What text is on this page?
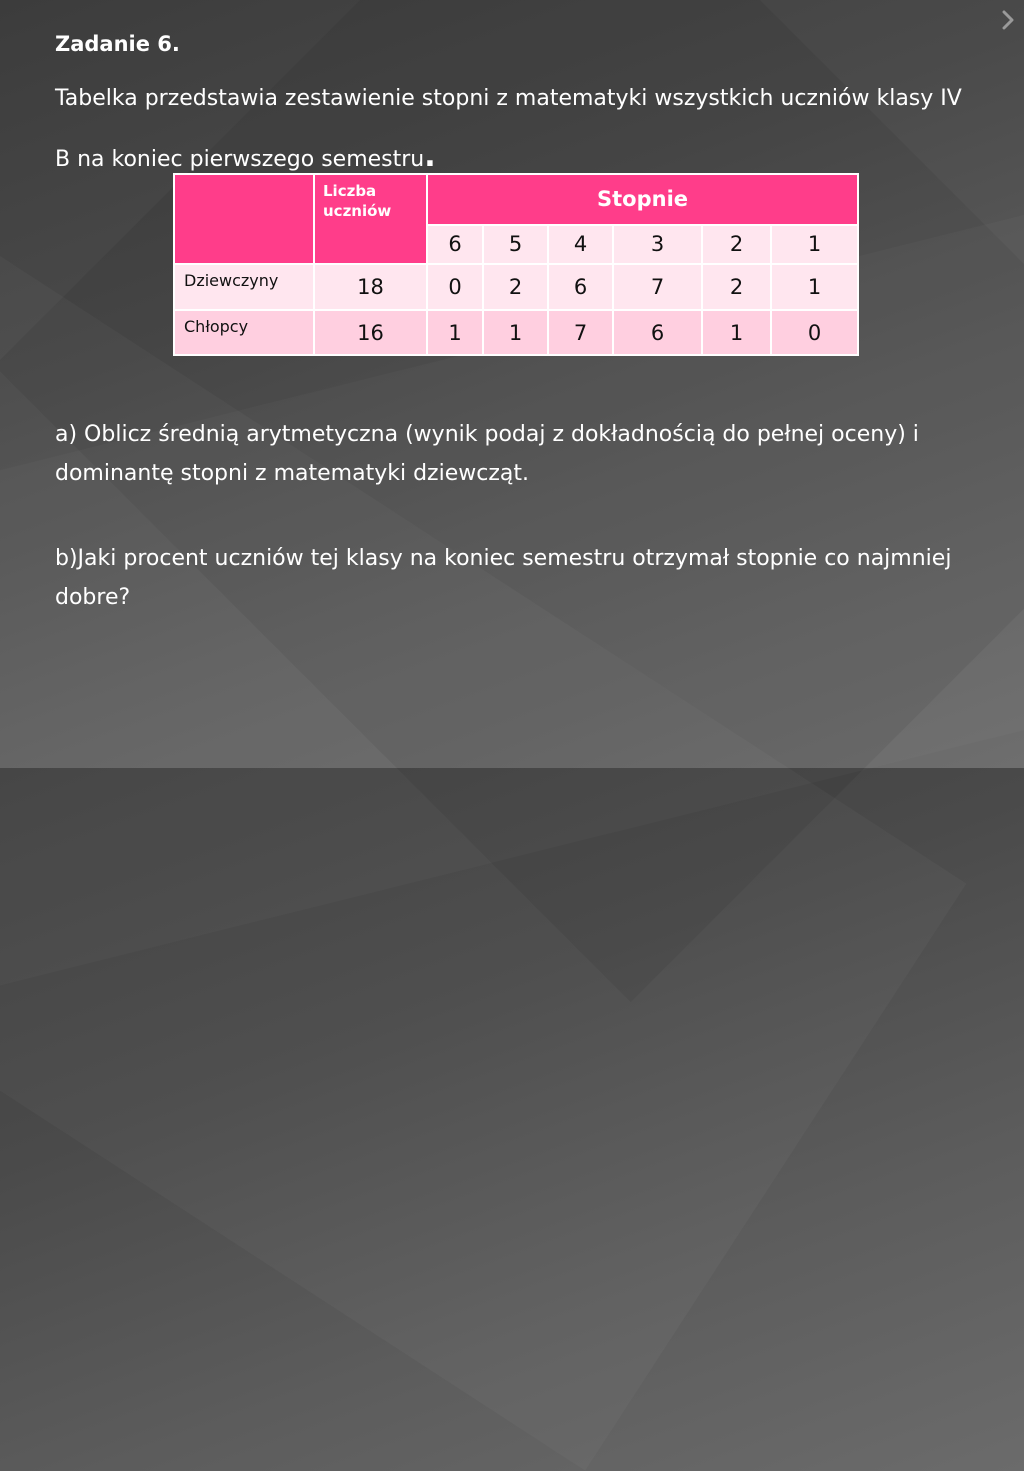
Zadanie 6.

Tabelka przedstawia zestawienie stopni z matematyki wszystkich uczniów klasy IV B na koniec pierwszego semestru.

	Liczba uczniów	Stopnie					
		6	5	4	3	2	1
Dziewczyny	18	0	2	6	7	2	1
Chłopcy	16	1	1	7	6	1	0

a) Oblicz średnią arytmetyczna (wynik podaj z dokładnością do pełnej oceny) i dominantę stopni z matematyki dziewcząt.

b)Jaki procent uczniów tej klasy na koniec semestru otrzymał stopnie co najmniej dobre?
